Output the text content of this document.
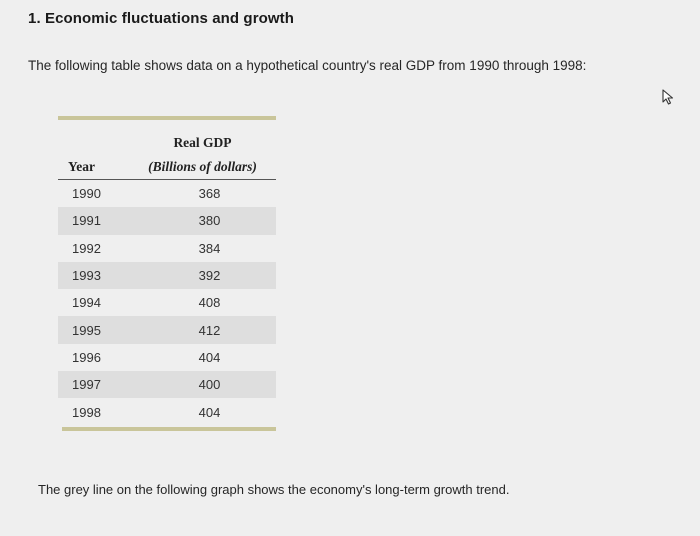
1. Economic fluctuations and growth
The following table shows data on a hypothetical country's real GDP from 1990 through 1998:
	Real GDP
Year	(Billions of dollars)
1990	368
1991	380
1992	384
1993	392
1994	408
1995	412
1996	404
1997	400
1998	404
The grey line on the following graph shows the economy's long-term growth trend.
